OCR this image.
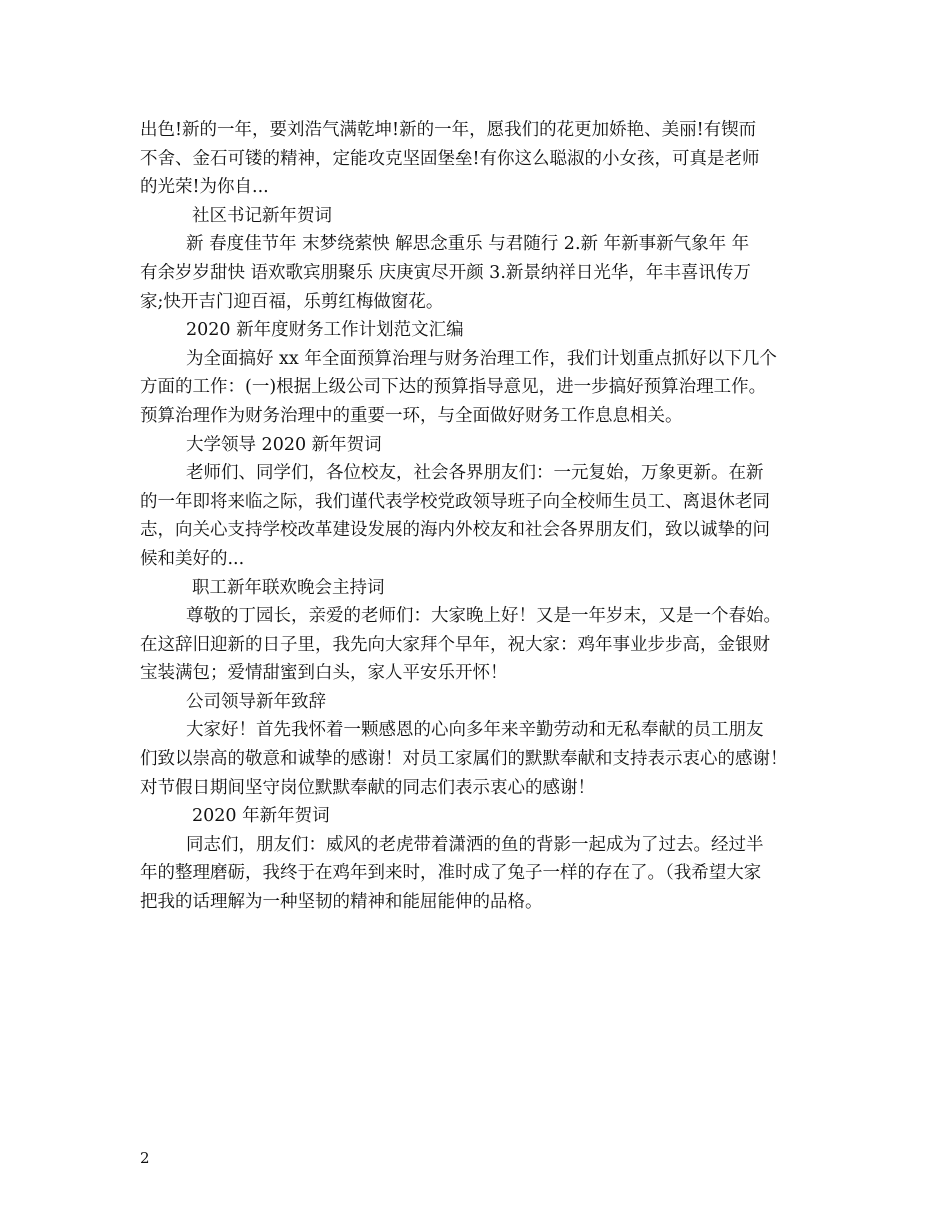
出色!新的一年，要刘浩气满乾坤!新的一年，愿我们的花更加娇艳、美丽!有锲而
不舍、金石可镂的精神，定能攻克坚固堡垒!有你这么聪淑的小女孩，可真是老师
的光荣!为你自...
社区书记新年贺词
新 春度佳节年 末梦绕萦怏 解思念重乐 与君随行 2.新 年新事新气象年 年
有余岁岁甜快 语欢歌宾朋聚乐 庆庚寅尽开颜 3.新景纳祥日光华，年丰喜讯传万
家;快开吉门迎百福，乐剪红梅做窗花。
2020 新年度财务工作计划范文汇编
为全面搞好 xx 年全面预算治理与财务治理工作，我们计划重点抓好以下几个
方面的工作：(一)根据上级公司下达的预算指导意见，进一步搞好预算治理工作。
预算治理作为财务治理中的重要一环，与全面做好财务工作息息相关。
大学领导 2020 新年贺词
老师们、同学们，各位校友，社会各界朋友们：一元复始，万象更新。在新
的一年即将来临之际，我们谨代表学校党政领导班子向全校师生员工、离退休老同
志，向关心支持学校改革建设发展的海内外校友和社会各界朋友们，致以诚挚的问
候和美好的...
职工新年联欢晚会主持词
尊敬的丁园长，亲爱的老师们：大家晚上好！又是一年岁末，又是一个春始。
在这辞旧迎新的日子里，我先向大家拜个早年，祝大家：鸡年事业步步高，金银财
宝装满包；爱情甜蜜到白头，家人平安乐开怀！
公司领导新年致辞
大家好！首先我怀着一颗感恩的心向多年来辛勤劳动和无私奉献的员工朋友
们致以崇高的敬意和诚挚的感谢！对员工家属们的默默奉献和支持表示衷心的感谢！
对节假日期间坚守岗位默默奉献的同志们表示衷心的感谢！
2020 年新年贺词
同志们，朋友们：威风的老虎带着潇洒的鱼的背影一起成为了过去。经过半
年的整理磨砺，我终于在鸡年到来时，准时成了兔子一样的存在了。（我希望大家
把我的话理解为一种坚韧的精神和能屈能伸的品格。
2
